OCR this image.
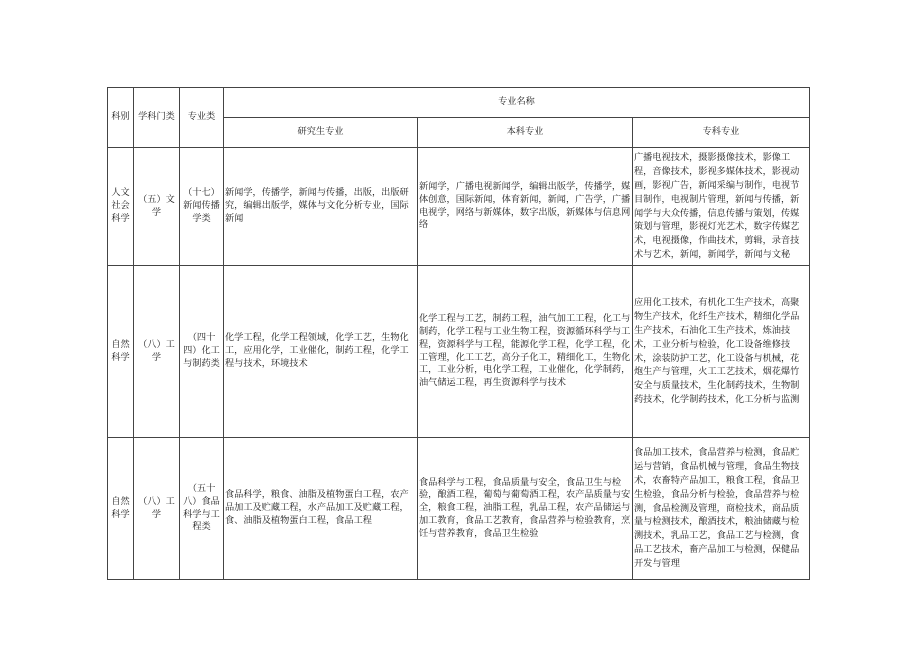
科别	学科门类	专业类	专业名称		
			研究生专业	本科专业	专科专业
人文社会科学	（五）文学	（十七）新闻传播学类	新闻学，传播学，新闻与传播，出版，出版研究，编辑出版学，媒体与文化分析专业，国际新闻	新闻学，广播电视新闻学，编辑出版学，传播学，媒体创意，国际新闻，体育新闻，新闻，广告学，广播电视学，网络与新媒体，数字出版，新媒体与信息网络	广播电视技术，摄影摄像技术，影像工程，音像技术，影视多媒体技术，影视动画，影视广告，新闻采编与制作，电视节目制作，电视制片管理，新闻与传播，新闻学与大众传播，信息传播与策划，传媒策划与管理，影视灯光艺术，数字传媒艺术，电视摄像，作曲技术，剪辑，录音技术与艺术，新闻，新闻学，新闻与文秘
自然科学	（八）工学	（四十四）化工与制药类	化学工程，化学工程领域，化学工艺，生物化工，应用化学，工业催化，制药工程，化学工程与技术，环境技术	化学工程与工艺，制药工程，油气加工工程，化工与制药，化学工程与工业生物工程，资源循环科学与工程，资源科学与工程，能源化学工程，化学工程，化工管理，化工工艺，高分子化工，精细化工，生物化工，工业分析，电化学工程，工业催化，化学制药，油气储运工程，再生资源科学与技术	应用化工技术，有机化工生产技术，高聚物生产技术，化纤生产技术，精细化学品生产技术，石油化工生产技术，炼油技术，工业分析与检验，化工设备维修技术，涂装防护工艺，化工设备与机械，花炮生产与管理，火工工艺技术，烟花爆竹安全与质量技术，生化制药技术，生物制药技术，化学制药技术，化工分析与监测
自然科学	（八）工学	（五十八）食品科学与工程类	食品科学，粮食、油脂及植物蛋白工程，农产品加工及贮藏工程，水产品加工及贮藏工程，食、油脂及植物蛋白工程，食品工程	食品科学与工程，食品质量与安全，食品卫生与检验，酿酒工程，葡萄与葡萄酒工程，农产品质量与安全，粮食工程，油脂工程，乳品工程，农产品储运与加工教育，食品工艺教育，食品营养与检验教育，烹饪与营养教育，食品卫生检验	食品加工技术，食品营养与检测，食品贮运与营销，食品机械与管理，食品生物技术，农畜特产品加工，粮食工程，食品卫生检验，食品分析与检验，食品营养与检测，食品检测及管理，商检技术，商品质量与检测技术，酿酒技术，粮油储藏与检测技术，乳品工艺，食品工艺与检测，食品工艺技术，畜产品加工与检测，保健品开发与管理
